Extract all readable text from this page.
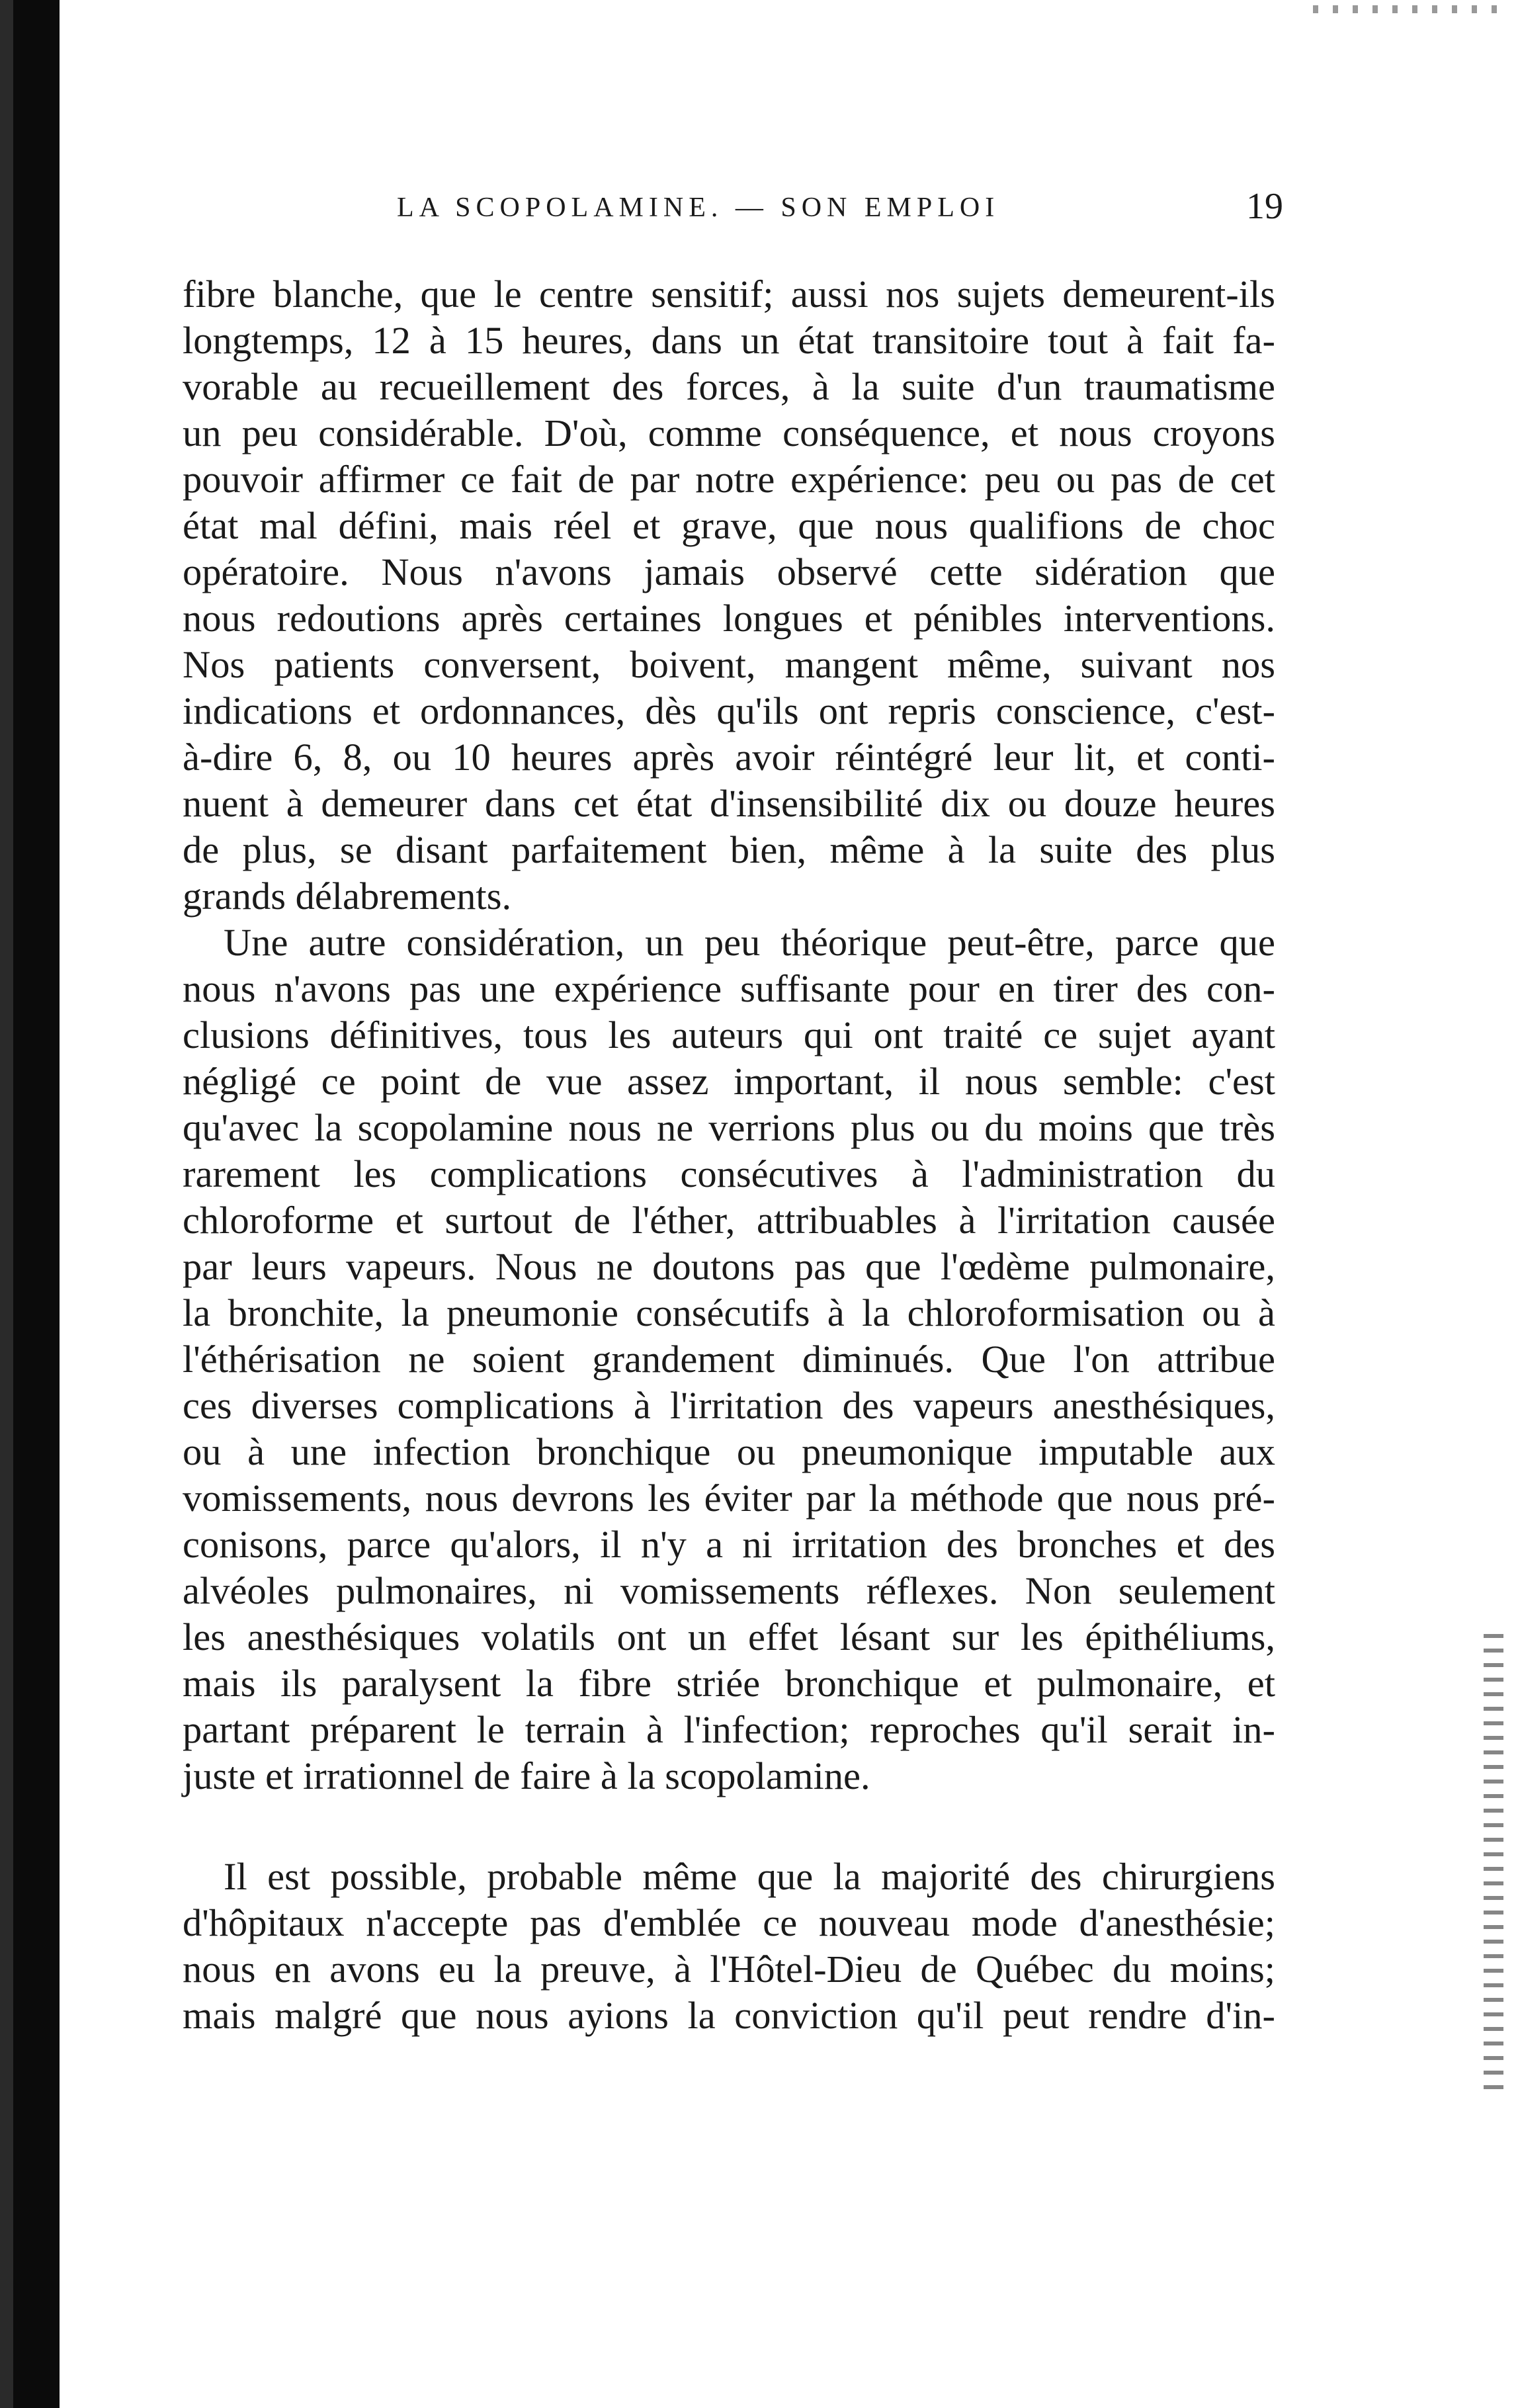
LA SCOPOLAMINE. — SON EMPLOI	19
fibre blanche, que le centre sensitif; aussi nos sujets demeurent-ils
longtemps, 12 à 15 heures, dans un état transitoire tout à fait fa-
vorable au recueillement des forces, à la suite d'un traumatisme
un peu considérable. D'où, comme conséquence, et nous croyons
pouvoir affirmer ce fait de par notre expérience: peu ou pas de cet
état mal défini, mais réel et grave, que nous qualifions de choc
opératoire. Nous n'avons jamais observé cette sidération que
nous redoutions après certaines longues et pénibles interventions.
Nos patients conversent, boivent, mangent même, suivant nos
indications et ordonnances, dès qu'ils ont repris conscience, c'est-
à-dire 6, 8, ou 10 heures après avoir réintégré leur lit, et conti-
nuent à demeurer dans cet état d'insensibilité dix ou douze heures
de plus, se disant parfaitement bien, même à la suite des plus
grands délabrements.
Une autre considération, un peu théorique peut-être, parce que
nous n'avons pas une expérience suffisante pour en tirer des con-
clusions définitives, tous les auteurs qui ont traité ce sujet ayant
négligé ce point de vue assez important, il nous semble: c'est
qu'avec la scopolamine nous ne verrions plus ou du moins que très
rarement les complications consécutives à l'administration du
chloroforme et surtout de l'éther, attribuables à l'irritation causée
par leurs vapeurs. Nous ne doutons pas que l'œdème pulmonaire,
la bronchite, la pneumonie consécutifs à la chloroformisation ou à
l'éthérisation ne soient grandement diminués. Que l'on attribue
ces diverses complications à l'irritation des vapeurs anesthésiques,
ou à une infection bronchique ou pneumonique imputable aux
vomissements, nous devrons les éviter par la méthode que nous pré-
conisons, parce qu'alors, il n'y a ni irritation des bronches et des
alvéoles pulmonaires, ni vomissements réflexes. Non seulement
les anesthésiques volatils ont un effet lésant sur les épithéliums,
mais ils paralysent la fibre striée bronchique et pulmonaire, et
partant préparent le terrain à l'infection; reproches qu'il serait in-
juste et irrationnel de faire à la scopolamine.
Il est possible, probable même que la majorité des chirurgiens
d'hôpitaux n'accepte pas d'emblée ce nouveau mode d'anesthésie;
nous en avons eu la preuve, à l'Hôtel-Dieu de Québec du moins;
mais malgré que nous ayions la conviction qu'il peut rendre d'in-
